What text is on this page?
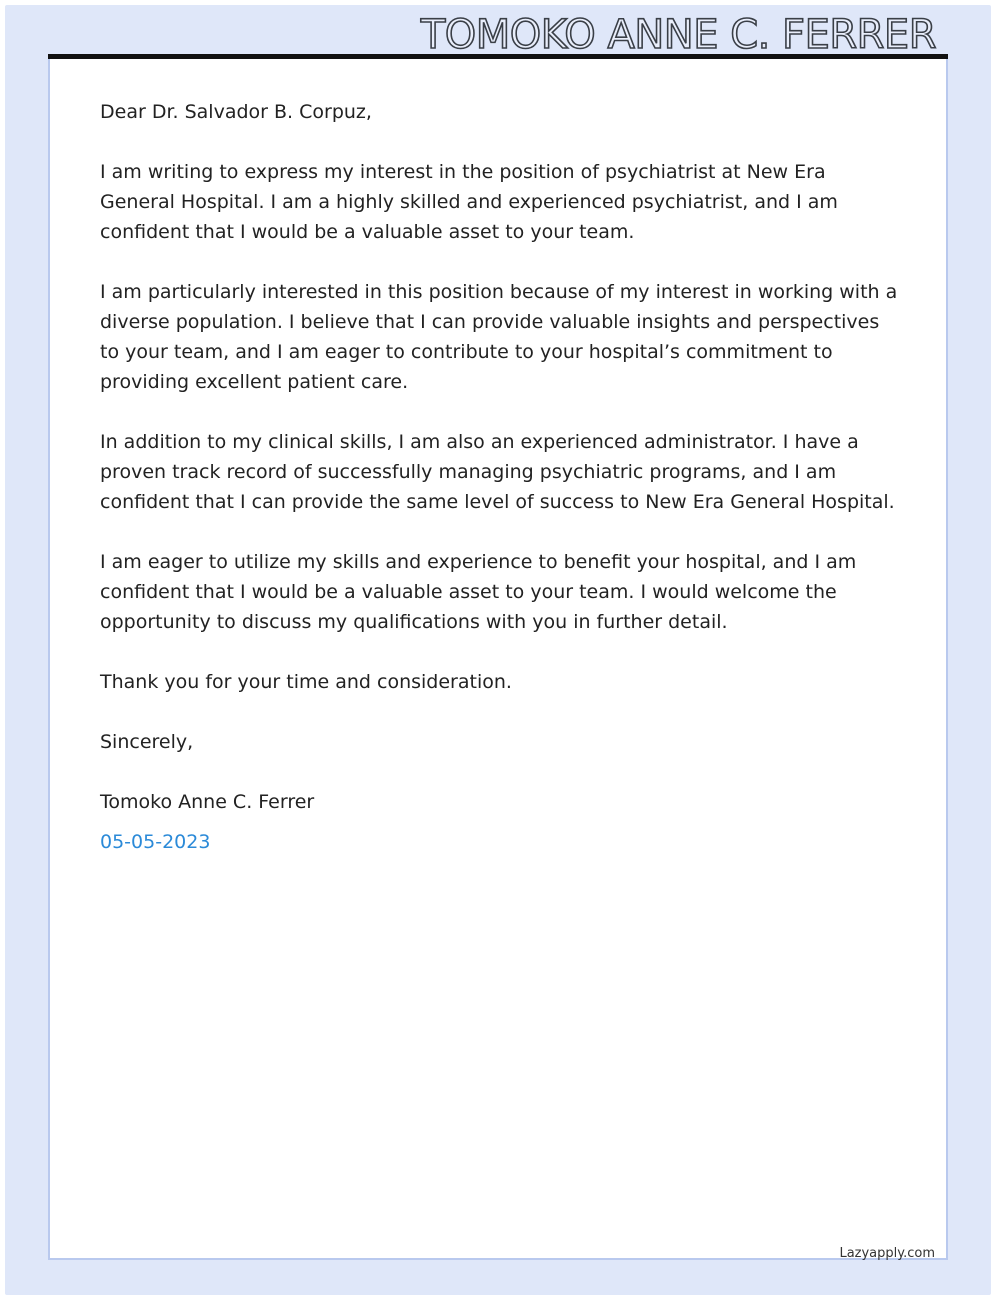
TOMOKO ANNE C. FERRER

Dear Dr. Salvador B. Corpuz,

I am writing to express my interest in the position of psychiatrist at New Era General Hospital. I am a highly skilled and experienced psychiatrist, and I am confident that I would be a valuable asset to your team.

I am particularly interested in this position because of my interest in working with a diverse population. I believe that I can provide valuable insights and perspectives to your team, and I am eager to contribute to your hospital’s commitment to providing excellent patient care.

In addition to my clinical skills, I am also an experienced administrator. I have a proven track record of successfully managing psychiatric programs, and I am confident that I can provide the same level of success to New Era General Hospital.

I am eager to utilize my skills and experience to benefit your hospital, and I am confident that I would be a valuable asset to your team. I would welcome the opportunity to discuss my qualifications with you in further detail.

Thank you for your time and consideration.

Sincerely,

Tomoko Anne C. Ferrer

05-05-2023

Lazyapply.com
